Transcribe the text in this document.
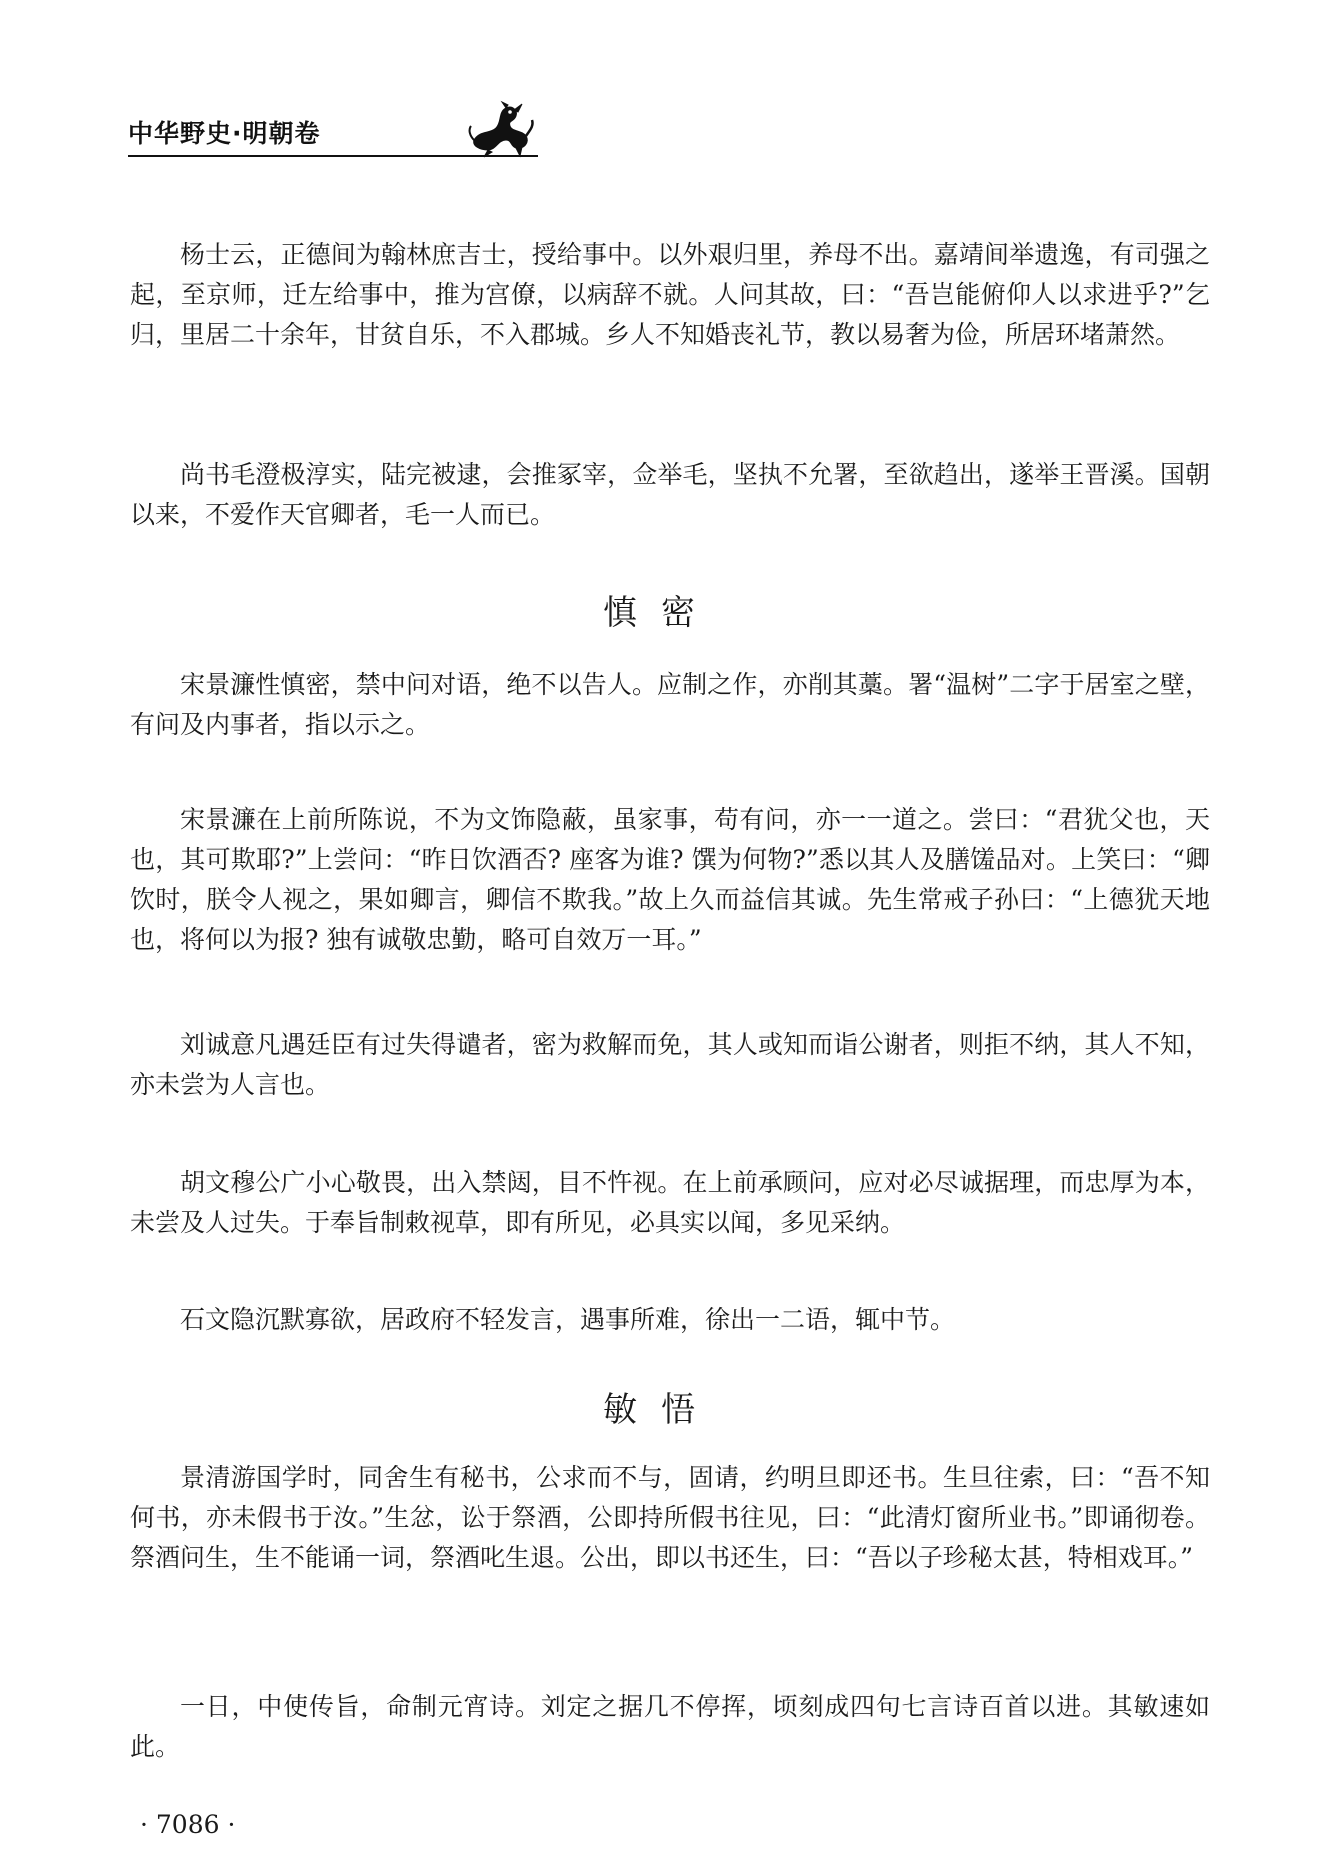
中华野史·明朝卷

杨士云，正德间为翰林庶吉士，授给事中。以外艰归里，养母不出。嘉靖间举遗逸，有司强之起，至京师，迁左给事中，推为宫僚，以病辞不就。人问其故，曰：“吾岂能俯仰人以求进乎?”乞归，里居二十余年，甘贫自乐，不入郡城。乡人不知婚丧礼节，教以易奢为俭，所居环堵萧然。

尚书毛澄极淳实，陆完被逮，会推冢宰，佥举毛，坚执不允署，至欲趋出，遂举王晋溪。国朝以来，不爱作天官卿者，毛一人而已。

慎密

宋景濂性慎密，禁中问对语，绝不以告人。应制之作，亦削其藁。署“温树”二字于居室之壁，有问及内事者，指以示之。

宋景濂在上前所陈说，不为文饰隐蔽，虽家事，苟有问，亦一一道之。尝曰：“君犹父也，天也，其可欺耶?”上尝问：“昨日饮酒否? 座客为谁? 馔为何物?”悉以其人及膳馐品对。上笑曰：“卿饮时，朕令人视之，果如卿言，卿信不欺我。”故上久而益信其诚。先生常戒子孙曰：“上德犹天地也，将何以为报? 独有诚敬忠勤，略可自效万一耳。”

刘诚意凡遇廷臣有过失得谴者，密为救解而免，其人或知而诣公谢者，则拒不纳，其人不知，亦未尝为人言也。

胡文穆公广小心敬畏，出入禁闼，目不忤视。在上前承顾问，应对必尽诚据理，而忠厚为本，未尝及人过失。于奉旨制敕视草，即有所见，必具实以闻，多见采纳。

石文隐沉默寡欲，居政府不轻发言，遇事所难，徐出一二语，辄中节。

敏悟

景清游国学时，同舍生有秘书，公求而不与，固请，约明旦即还书。生旦往索，曰：“吾不知何书，亦未假书于汝。”生忿，讼于祭酒，公即持所假书往见，曰：“此清灯窗所业书。”即诵彻卷。祭酒问生，生不能诵一词，祭酒叱生退。公出，即以书还生，曰：“吾以子珍秘太甚，特相戏耳。”

一日，中使传旨，命制元宵诗。刘定之据几不停挥，顷刻成四句七言诗百首以进。其敏速如此。

· 7086 ·
